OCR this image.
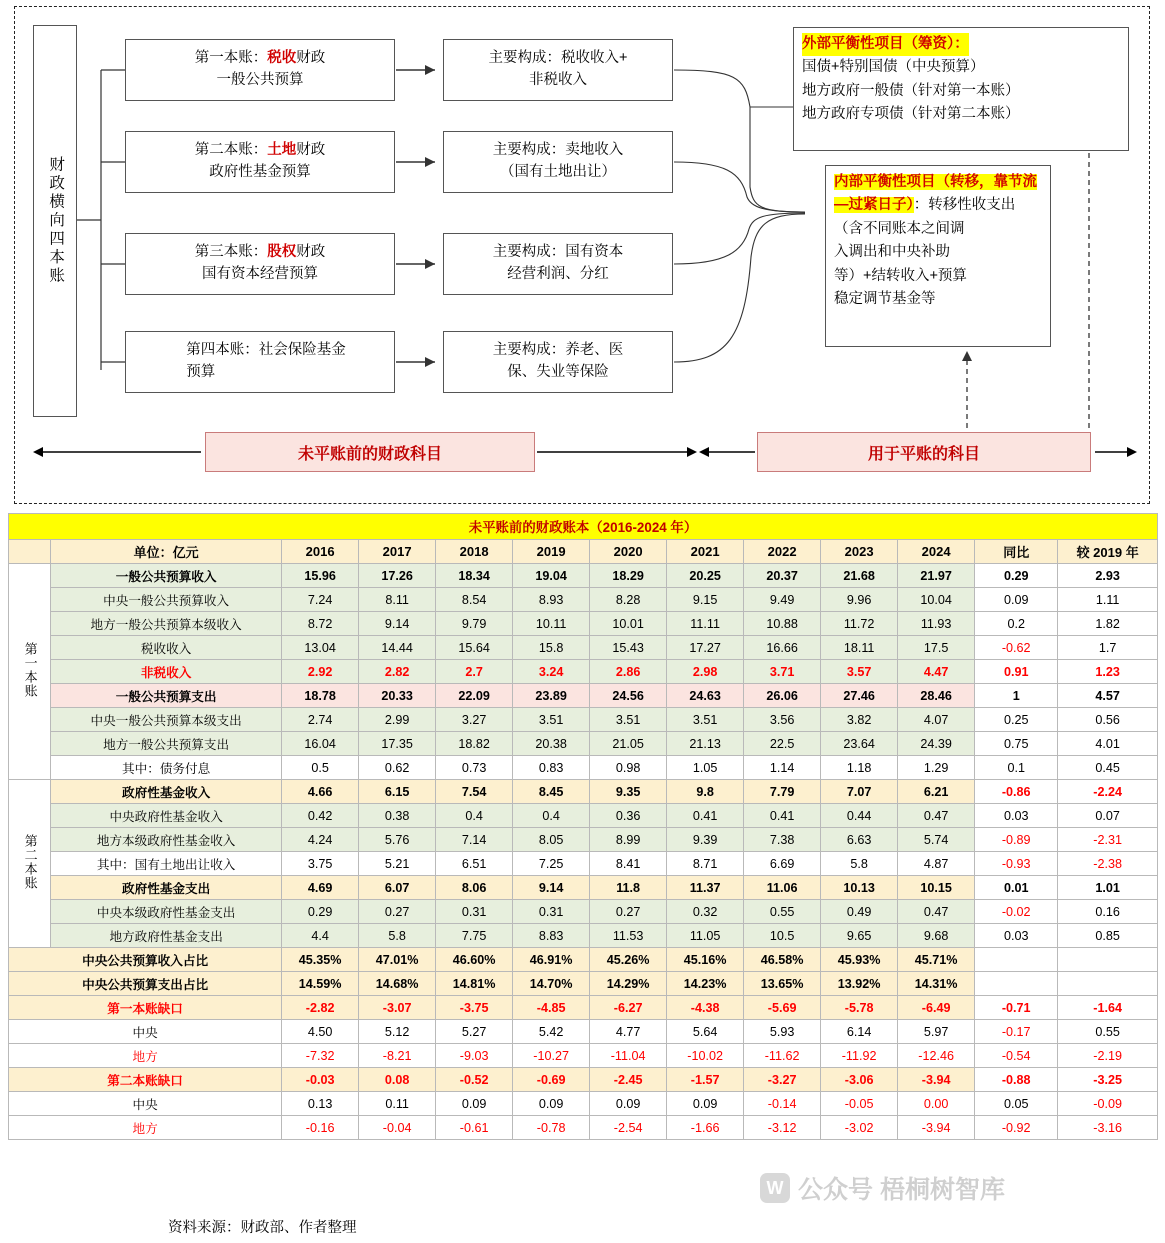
财政横向四本账
第一本账：税收财政
一般公共预算
第二本账：土地财政
政府性基金预算
第三本账：股权财政
国有资本经营预算
第四本账：社会保险基金
预算
主要构成：税收收入+
非税收入
主要构成：卖地收入
（国有土地出让）
主要构成：国有资本
经营利润、分红
主要构成：养老、医
保、失业等保险
外部平衡性项目（筹资）：
国债+特别国债（中央预算）
地方政府一般债（针对第一本账）
地方政府专项债（针对第二本账）
内部平衡性项目（转移，靠节流—过紧日子）：转移性收支出
（含不同账本之间调
入调出和中央补助
等）+结转收入+预算
稳定调节基金等
未平账前的财政科目	用于平账的科目
未平账前的财政账本（2016-2024 年）												
	单位：亿元	2016	2017	2018	2019	2020	2021	2022	2023	2024	同比	较 2019 年
第一本账	一般公共预算收入	15.96	17.26	18.34	19.04	18.29	20.25	20.37	21.68	21.97	0.29	2.93
	中央一般公共预算收入	7.24	8.11	8.54	8.93	8.28	9.15	9.49	9.96	10.04	0.09	1.11
	地方一般公共预算本级收入	8.72	9.14	9.79	10.11	10.01	11.11	10.88	11.72	11.93	0.2	1.82
	税收收入	13.04	14.44	15.64	15.8	15.43	17.27	16.66	18.11	17.5	-0.62	1.7
	非税收入	2.92	2.82	2.7	3.24	2.86	2.98	3.71	3.57	4.47	0.91	1.23
	一般公共预算支出	18.78	20.33	22.09	23.89	24.56	24.63	26.06	27.46	28.46	1	4.57
	中央一般公共预算本级支出	2.74	2.99	3.27	3.51	3.51	3.51	3.56	3.82	4.07	0.25	0.56
	地方一般公共预算支出	16.04	17.35	18.82	20.38	21.05	21.13	22.5	23.64	24.39	0.75	4.01
	其中：债务付息	0.5	0.62	0.73	0.83	0.98	1.05	1.14	1.18	1.29	0.1	0.45
第二本账	政府性基金收入	4.66	6.15	7.54	8.45	9.35	9.8	7.79	7.07	6.21	-0.86	-2.24
	中央政府性基金收入	0.42	0.38	0.4	0.4	0.36	0.41	0.41	0.44	0.47	0.03	0.07
	地方本级政府性基金收入	4.24	5.76	7.14	8.05	8.99	9.39	7.38	6.63	5.74	-0.89	-2.31
	其中：国有土地出让收入	3.75	5.21	6.51	7.25	8.41	8.71	6.69	5.8	4.87	-0.93	-2.38
	政府性基金支出	4.69	6.07	8.06	9.14	11.8	11.37	11.06	10.13	10.15	0.01	1.01
	中央本级政府性基金支出	0.29	0.27	0.31	0.31	0.27	0.32	0.55	0.49	0.47	-0.02	0.16
	地方政府性基金支出	4.4	5.8	7.75	8.83	11.53	11.05	10.5	9.65	9.68	0.03	0.85
中央公共预算收入占比		45.35%	47.01%	46.60%	46.91%	45.26%	45.16%	46.58%	45.93%	45.71%		
中央公共预算支出占比		14.59%	14.68%	14.81%	14.70%	14.29%	14.23%	13.65%	13.92%	14.31%		
第一本账缺口		-2.82	-3.07	-3.75	-4.85	-6.27	-4.38	-5.69	-5.78	-6.49	-0.71	-1.64
中央		4.50	5.12	5.27	5.42	4.77	5.64	5.93	6.14	5.97	-0.17	0.55
地方		-7.32	-8.21	-9.03	-10.27	-11.04	-10.02	-11.62	-11.92	-12.46	-0.54	-2.19
第二本账缺口		-0.03	0.08	-0.52	-0.69	-2.45	-1.57	-3.27	-3.06	-3.94	-0.88	-3.25
中央		0.13	0.11	0.09	0.09	0.09	0.09	-0.14	-0.05	0.00	0.05	-0.09
地方		-0.16	-0.04	-0.61	-0.78	-2.54	-1.66	-3.12	-3.02	-3.94	-0.92	-3.16
资料来源：财政部、作者整理
W 公众号 梧桐树智库
